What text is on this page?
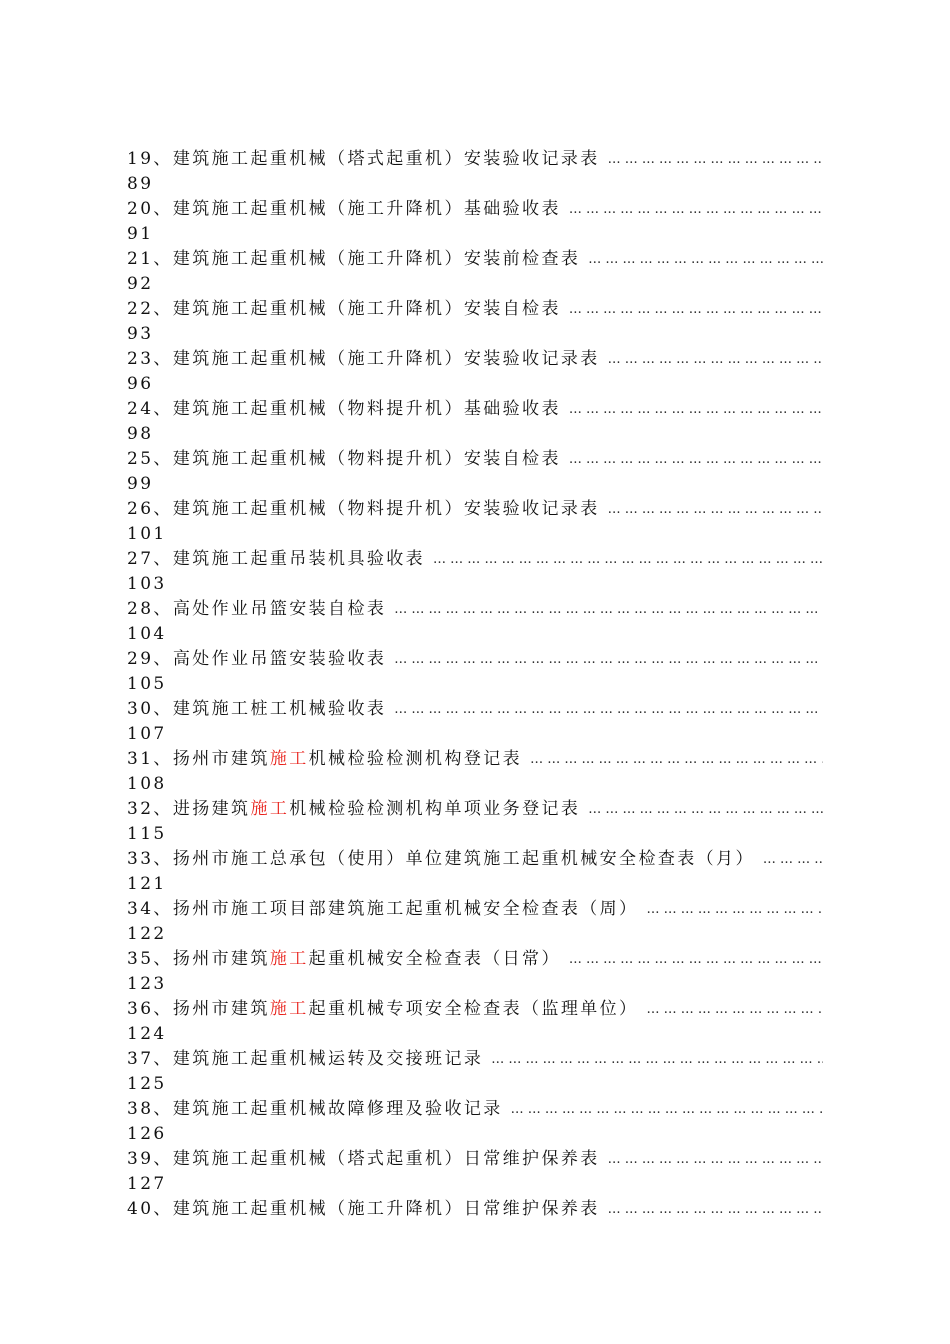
19、 建筑施工起重机械（塔式起重机）安装验收记录表
… … … … … … … … … … … … … … … … … … … … … … … … … … … … … … … … … … … … … … … … … …
89
20、 建筑施工起重机械（施工升降机）基础验收表
… … … … … … … … … … … … … … … … … … … … … … … … … … … … … … … … … … … … … … … … … …
91
21、 建筑施工起重机械（施工升降机）安装前检查表
… … … … … … … … … … … … … … … … … … … … … … … … … … … … … … … … … … … … … … … … … …
92
22、 建筑施工起重机械（施工升降机）安装自检表
… … … … … … … … … … … … … … … … … … … … … … … … … … … … … … … … … … … … … … … … … …
93
23、 建筑施工起重机械（施工升降机）安装验收记录表
… … … … … … … … … … … … … … … … … … … … … … … … … … … … … … … … … … … … … … … … … …
96
24、 建筑施工起重机械（物料提升机）基础验收表
… … … … … … … … … … … … … … … … … … … … … … … … … … … … … … … … … … … … … … … … … …
98
25、 建筑施工起重机械（物料提升机）安装自检表
… … … … … … … … … … … … … … … … … … … … … … … … … … … … … … … … … … … … … … … … … …
99
26、 建筑施工起重机械（物料提升机）安装验收记录表
… … … … … … … … … … … … … … … … … … … … … … … … … … … … … … … … … … … … … … … … … …
101
27、 建筑施工起重吊装机具验收表
… … … … … … … … … … … … … … … … … … … … … … … … … … … … … … … … … … … … … … … … … …
103
28、 高处作业吊篮安装自检表
… … … … … … … … … … … … … … … … … … … … … … … … … … … … … … … … … … … … … … … … … …
104
29、 高处作业吊篮安装验收表
… … … … … … … … … … … … … … … … … … … … … … … … … … … … … … … … … … … … … … … … … …
105
30、 建筑施工桩工机械验收表
… … … … … … … … … … … … … … … … … … … … … … … … … … … … … … … … … … … … … … … … … …
107
31、 扬州市建筑施工机械检验检测机构登记表
… … … … … … … … … … … … … … … … … … … … … … … … … … … … … … … … … … … … … … … … … …
108
32、 进扬建筑施工机械检验检测机构单项业务登记表
… … … … … … … … … … … … … … … … … … … … … … … … … … … … … … … … … … … … … … … … … …
115
33、 扬州市施工总承包（使用）单位建筑施工起重机械安全检查表（月）
… … … … … … … … … … … … … … … … … … … … … … … … … … … … … … … … … … … … … … … … … …
121
34、 扬州市施工项目部建筑施工起重机械安全检查表（周）
… … … … … … … … … … … … … … … … … … … … … … … … … … … … … … … … … … … … … … … … … …
122
35、 扬州市建筑施工起重机械安全检查表（日常）
… … … … … … … … … … … … … … … … … … … … … … … … … … … … … … … … … … … … … … … … … …
123
36、 扬州市建筑施工起重机械专项安全检查表（监理单位）
… … … … … … … … … … … … … … … … … … … … … … … … … … … … … … … … … … … … … … … … … …
124
37、 建筑施工起重机械运转及交接班记录
… … … … … … … … … … … … … … … … … … … … … … … … … … … … … … … … … … … … … … … … … …
125
38、 建筑施工起重机械故障修理及验收记录
… … … … … … … … … … … … … … … … … … … … … … … … … … … … … … … … … … … … … … … … … …
126
39、 建筑施工起重机械（塔式起重机）日常维护保养表
… … … … … … … … … … … … … … … … … … … … … … … … … … … … … … … … … … … … … … … … … …
127
40、 建筑施工起重机械（施工升降机）日常维护保养表
… … … … … … … … … … … … … … … … … … … … … … … … … … … … … … … … … … … … … … … … … …
